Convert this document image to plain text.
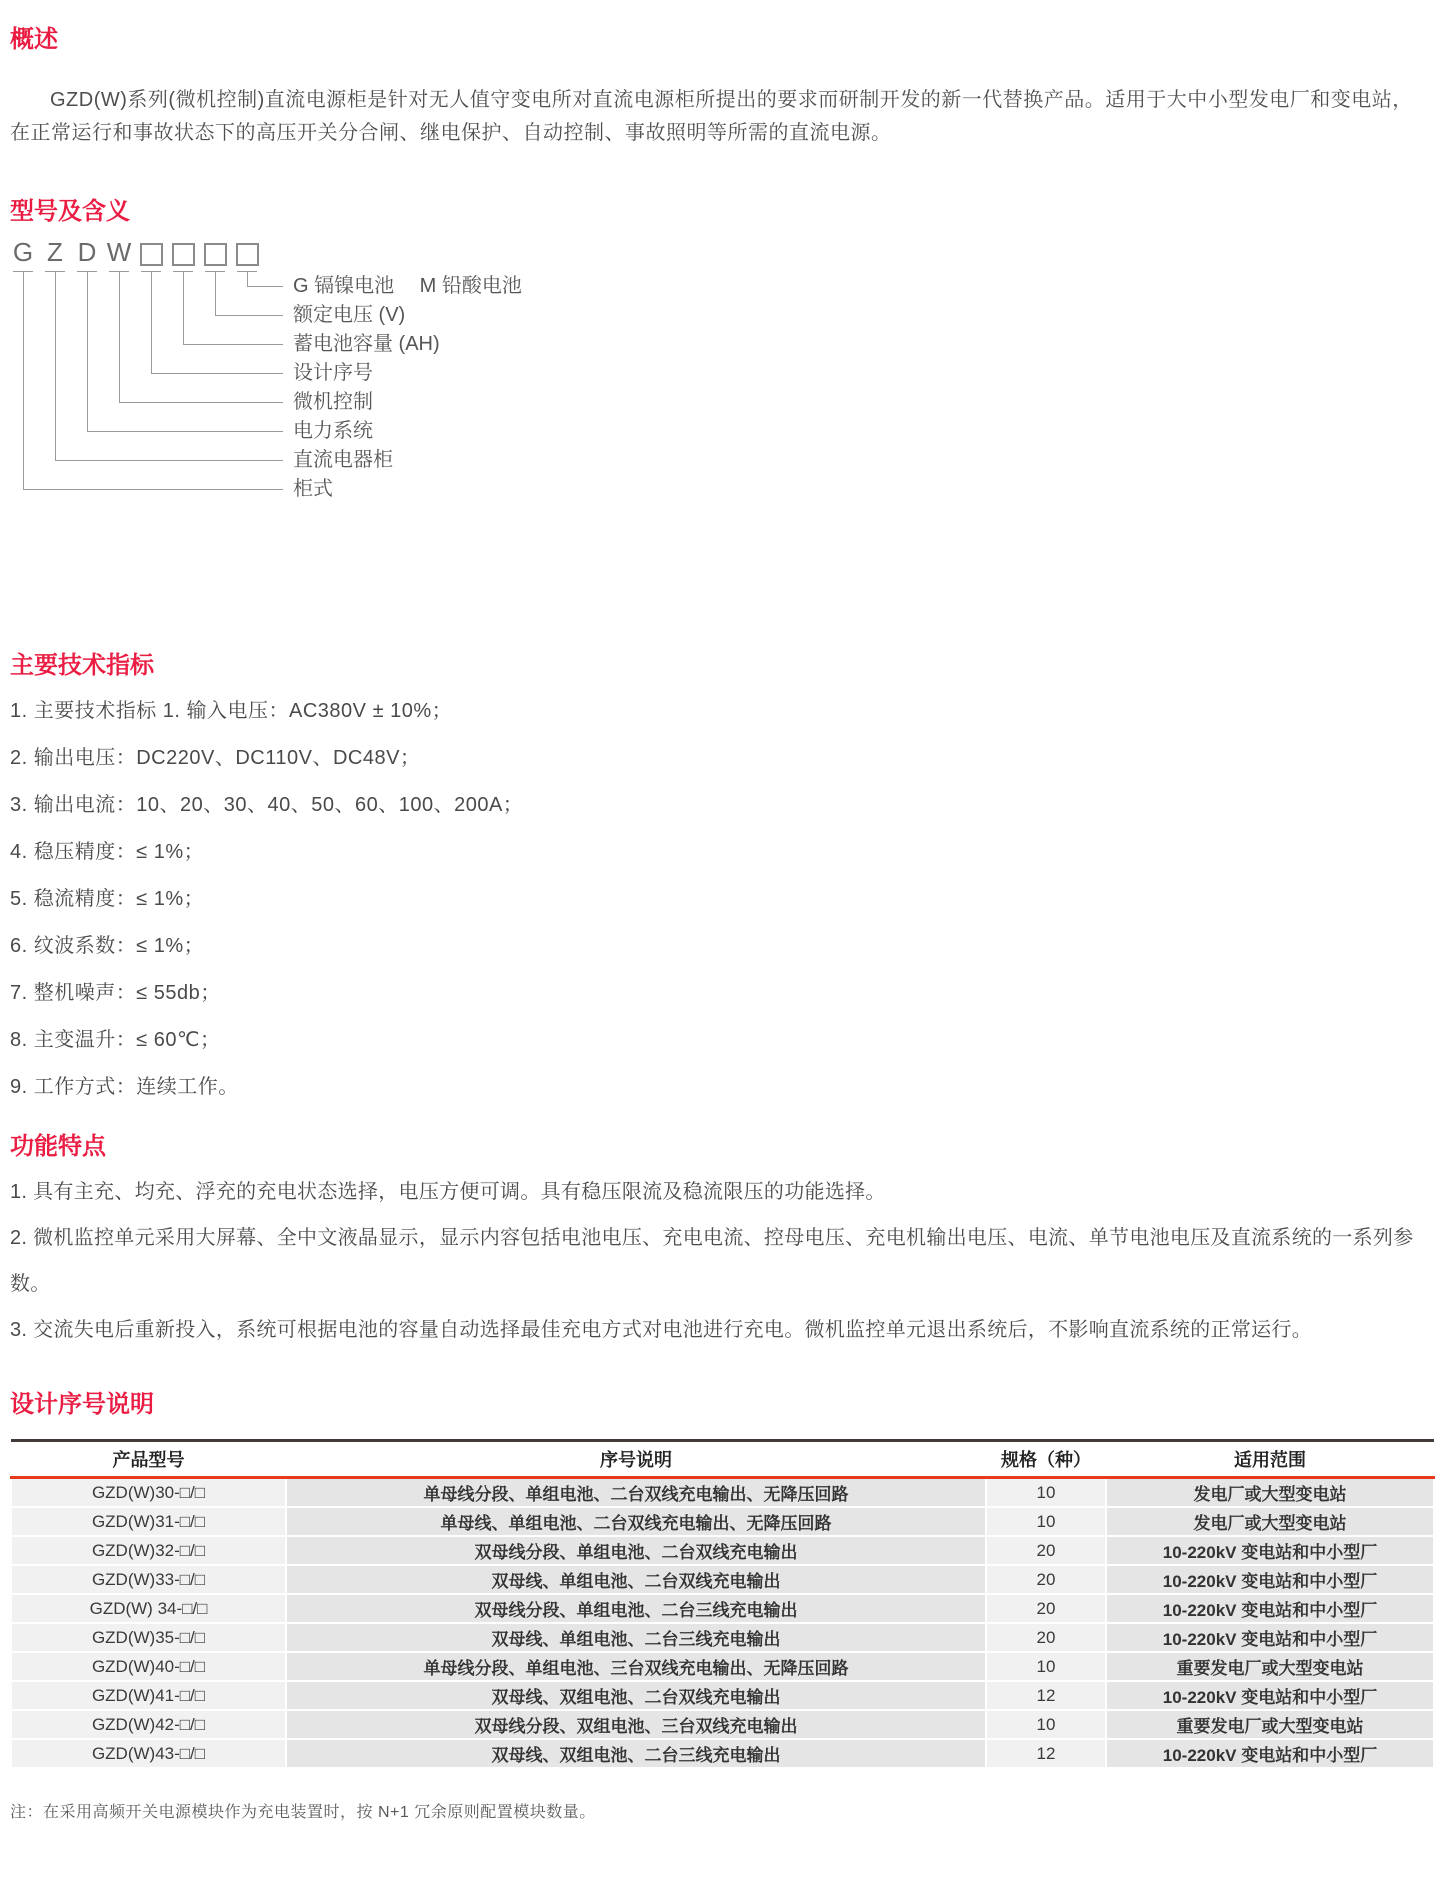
概述

GZD(W)系列(微机控制)直流电源柜是针对无人值守变电所对直流电源柜所提出的要求而研制开发的新一代替换产品。适用于大中小型发电厂和变电站，在正常运行和事故状态下的高压开关分合闸、继电保护、自动控制、事故照明等所需的直流电源。

型号及含义
G Z D W
G 镉镍电池　 M 铅酸电池
额定电压 (V)
蓄电池容量 (AH)
设计序号
微机控制
电力系统
直流电器柜
柜式
主要技术指标
1. 主要技术指标 1. 输入电压：AC380V ± 10%；
2. 输出电压：DC220V、DC110V、DC48V；
3. 输出电流：10、20、30、40、50、60、100、200A；
4. 稳压精度：≤ 1%；
5. 稳流精度：≤ 1%；
6. 纹波系数：≤ 1%；
7. 整机噪声：≤ 55db；
8. 主变温升：≤ 60℃；
9. 工作方式：连续工作。
功能特点
1. 具有主充、均充、浮充的充电状态选择，电压方便可调。具有稳压限流及稳流限压的功能选择。
2. 微机监控单元采用大屏幕、全中文液晶显示，显示内容包括电池电压、充电电流、控母电压、充电机输出电压、电流、单节电池电压及直流系统的一系列参数。
3. 交流失电后重新投入，系统可根据电池的容量自动选择最佳充电方式对电池进行充电。微机监控单元退出系统后，不影响直流系统的正常运行。
设计序号说明
产品型号	序号说明	规格（种）	适用范围
GZD(W)30-□/□	单母线分段、单组电池、二台双线充电输出、无降压回路	10	发电厂或大型变电站
GZD(W)31-□/□	单母线、单组电池、二台双线充电输出、无降压回路	10	发电厂或大型变电站
GZD(W)32-□/□	双母线分段、单组电池、二台双线充电输出	20	10-220kV 变电站和中小型厂
GZD(W)33-□/□	双母线、单组电池、二台双线充电输出	20	10-220kV 变电站和中小型厂
GZD(W) 34-□/□	双母线分段、单组电池、二台三线充电输出	20	10-220kV 变电站和中小型厂
GZD(W)35-□/□	双母线、单组电池、二台三线充电输出	20	10-220kV 变电站和中小型厂
GZD(W)40-□/□	单母线分段、单组电池、三台双线充电输出、无降压回路	10	重要发电厂或大型变电站
GZD(W)41-□/□	双母线、双组电池、二台双线充电输出	12	10-220kV 变电站和中小型厂
GZD(W)42-□/□	双母线分段、双组电池、三台双线充电输出	10	重要发电厂或大型变电站
GZD(W)43-□/□	双母线、双组电池、二台三线充电输出	12	10-220kV 变电站和中小型厂

注：在采用高频开关电源模块作为充电装置时，按 N+1 冗余原则配置模块数量。
